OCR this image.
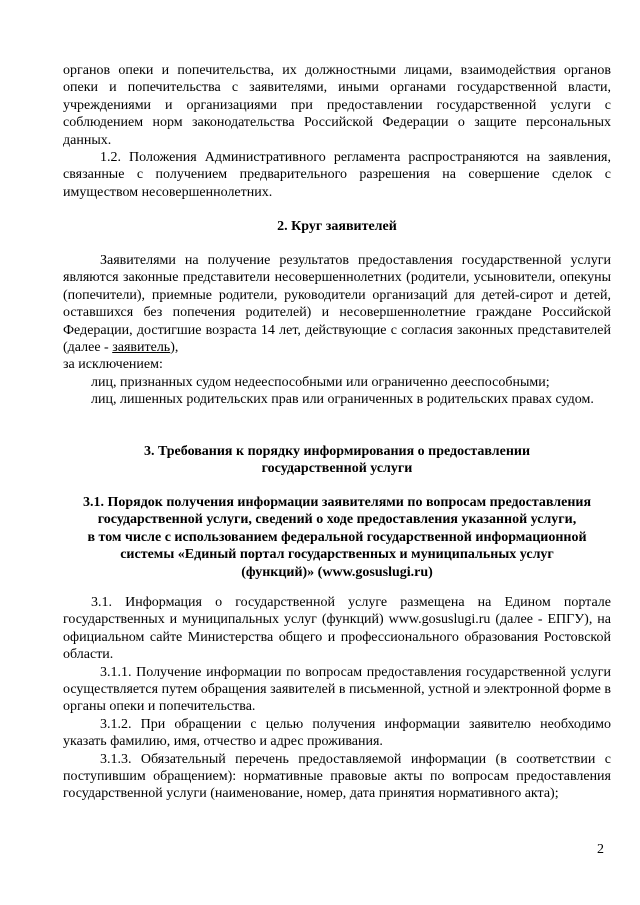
органов опеки и попечительства, их должностными лицами, взаимодействия органов опеки и попечительства с заявителями, иными органами государственной власти, учреждениями и организациями при предоставлении государственной услуги с соблюдением норм законодательства Российской Федерации о защите персональных данных.

1.2. Положения Административного регламента распространяются на заявления, связанные с получением предварительного разрешения на совершение сделок с имуществом несовершеннолетних.

2. Круг заявителей

Заявителями на получение результатов предоставления государственной услуги являются законные представители несовершеннолетних (родители, усыновители, опекуны (попечители), приемные родители, руководители организаций для детей-сирот и детей, оставшихся без попечения родителей) и несовершеннолетние граждане Российской Федерации, достигшие возраста 14 лет, действующие с согласия законных представителей (далее - заявитель),

за исключением:

лиц, признанных судом недееспособными или ограниченно дееспособными;

лиц, лишенных родительских прав или ограниченных в родительских правах судом.

3. Требования к порядку информирования о предоставлении

государственной услуги

3.1. Порядок получения информации заявителями по вопросам предоставления

государственной услуги, сведений о ходе предоставления указанной услуги,

в том числе с использованием федеральной государственной информационной

системы «Единый портал государственных и муниципальных услуг

(функций)» (www.gosuslugi.ru)

3.1. Информация о государственной услуге размещена на Едином портале государственных и муниципальных услуг (функций) www.gosuslugi.ru (далее - ЕПГУ), на официальном сайте Министерства общего и профессионального образования Ростовской области.

3.1.1. Получение информации по вопросам предоставления государственной услуги осуществляется путем обращения заявителей в письменной, устной и электронной форме в органы опеки и попечительства.

3.1.2. При обращении с целью получения информации заявителю необходимо указать фамилию, имя, отчество и адрес проживания.

3.1.3. Обязательный перечень предоставляемой информации (в соответствии с поступившим обращением): нормативные правовые акты по вопросам предоставления государственной услуги (наименование, номер, дата принятия нормативного акта);

2
